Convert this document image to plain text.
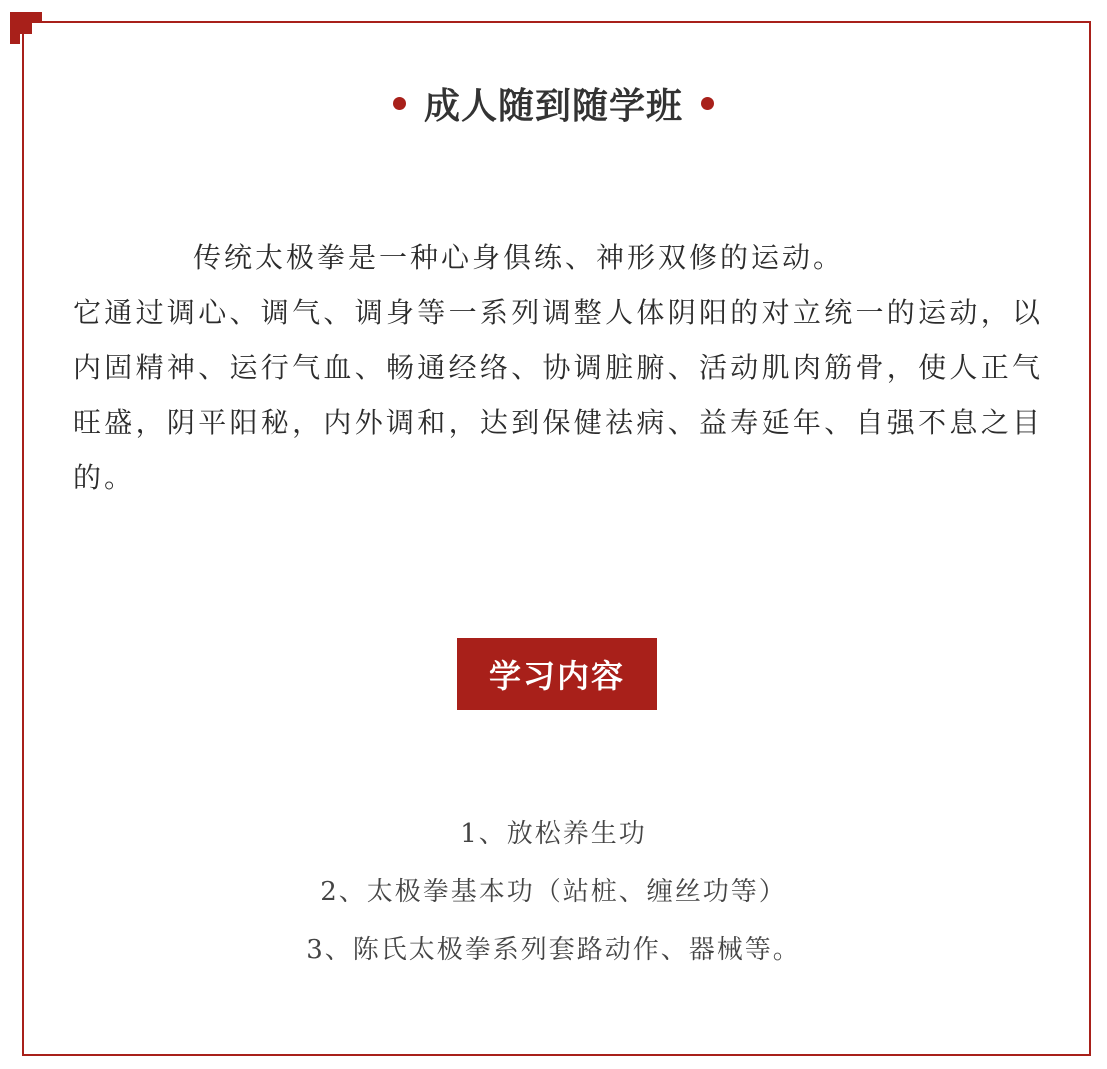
成人随到随学班

传统太极拳是一种心身俱练、神形双修的运动。

它通过调心、调气、调身等一系列调整人体阴阳的对立统一的运动，以内固精神、运行气血、畅通经络、协调脏腑、活动肌肉筋骨，使人正气旺盛，阴平阳秘，内外调和，达到保健祛病、益寿延年、自强不息之目的。

学习内容
1、放松养生功
2、太极拳基本功（站桩、缠丝功等）
3、陈氏太极拳系列套路动作、器械等。
